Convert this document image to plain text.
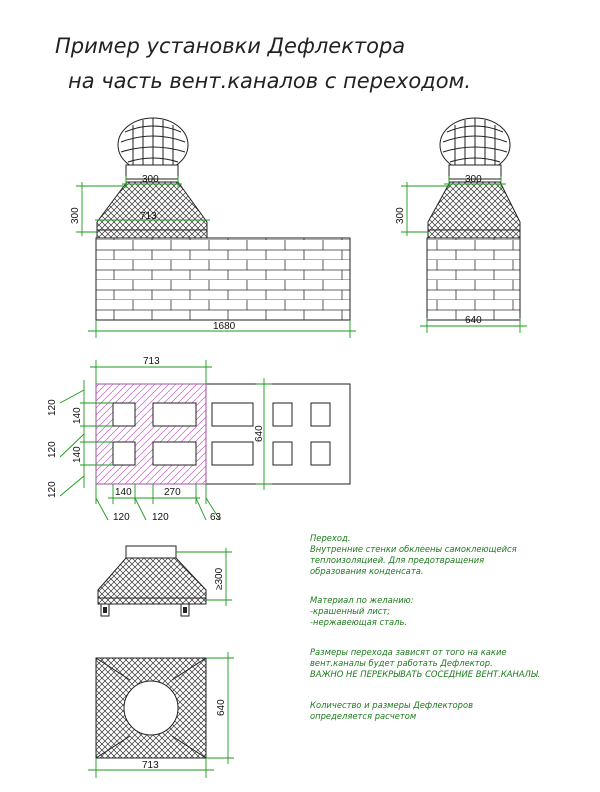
Пример установки Дефлектора
на часть вент.каналов с переходом.
300
713
300
1680
300
300
640
713
640
120 140
120 140
120	140	270
120 120	63
≥300
713
640
Переход.
Внутренние стенки обклеены самоклеющейся
теплоизоляцией. Для предотвращения
образования конденсата.
Материал по желанию:
-крашенный лист;
-нержавеющая сталь.
Размеры перехода зависят от того на какие
вент.каналы будет работать Дефлектор.
ВАЖНО НЕ ПЕРЕКРЫВАТЬ СОСЕДНИЕ ВЕНТ.КАНАЛЫ.
Количество и размеры Дефлекторов
определяется расчетом
